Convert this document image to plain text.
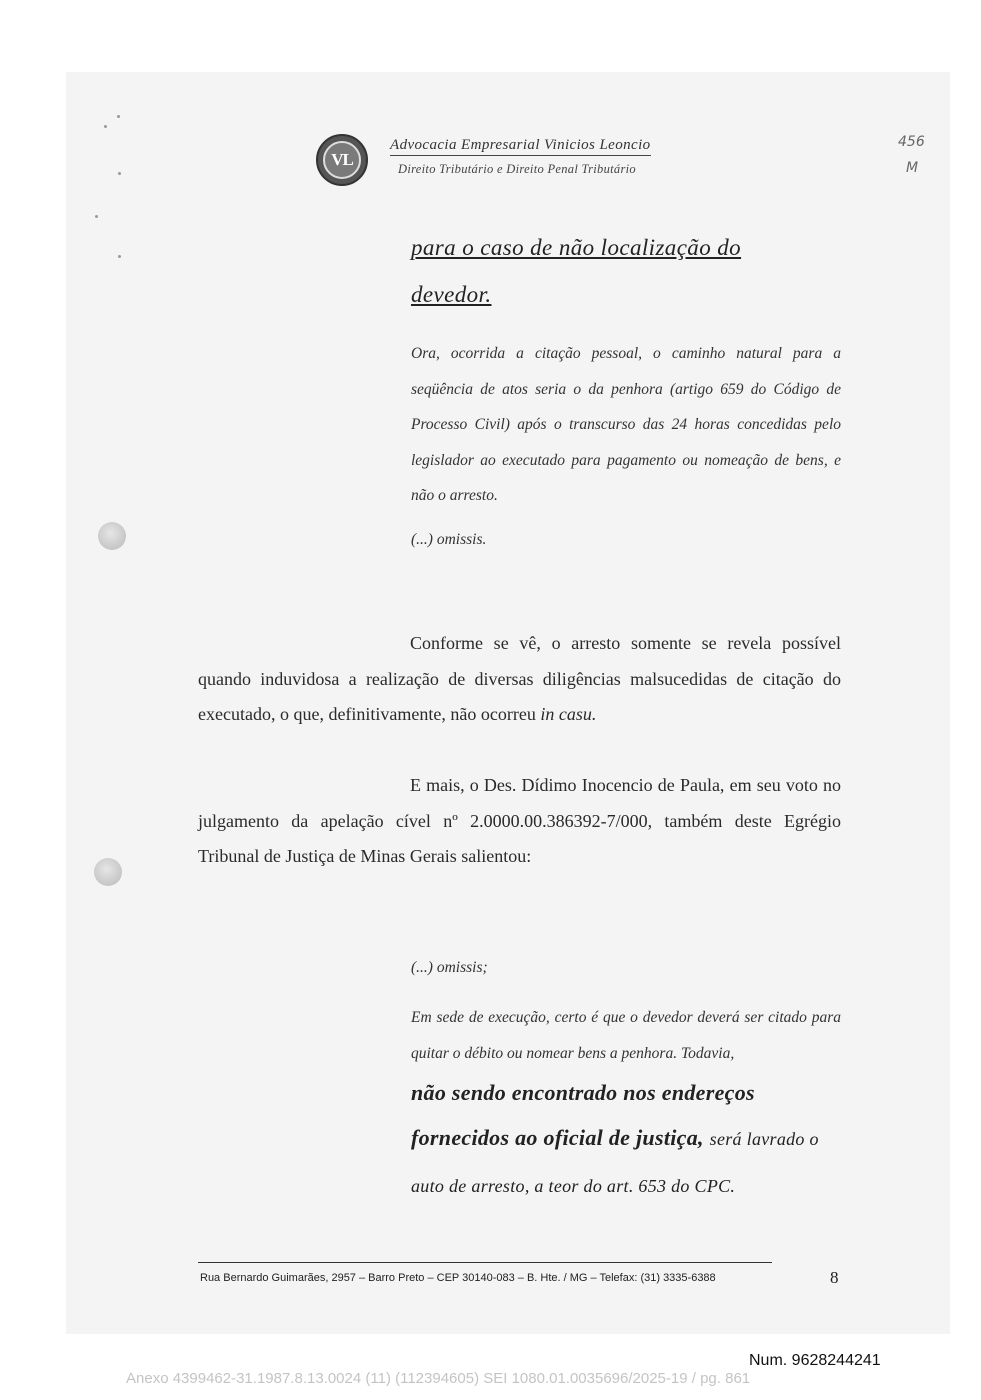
VL
Advocacia Empresarial Vinicios Leoncio
Direito Tributário e Direito Penal Tributário
456
M
para o caso de não localização do
devedor.
Ora, ocorrida a citação pessoal, o caminho natural para a seqüência de atos seria o da penhora (artigo 659 do Código de Processo Civil) após o transcurso das 24 horas concedidas pelo legislador ao executado para pagamento ou nomeação de bens, e não o arresto.
(...) omissis.
Conforme se vê, o arresto somente se revela possível quando induvidosa a realização de diversas diligências malsucedidas de citação do executado, o que, definitivamente, não ocorreu in casu.
E mais, o Des. Dídimo Inocencio de Paula, em seu voto no julgamento da apelação cível nº 2.0000.00.386392-7/000, também deste Egrégio Tribunal de Justiça de Minas Gerais salientou:
(...) omissis;
Em sede de execução, certo é que o devedor deverá ser citado para quitar o débito ou nomear bens a penhora. Todavia,
não sendo encontrado nos endereços fornecidos ao oficial de justiça, será lavrado o auto de arresto, a teor do art. 653 do CPC.
Rua Bernardo Guimarães, 2957 – Barro Preto – CEP 30140-083 – B. Hte. / MG – Telefax: (31) 3335-6388	8
Num. 9628244241
Anexo 4399462-31.1987.8.13.0024 (11) (112394605) SEI 1080.01.0035696/2025-19 / pg. 861
